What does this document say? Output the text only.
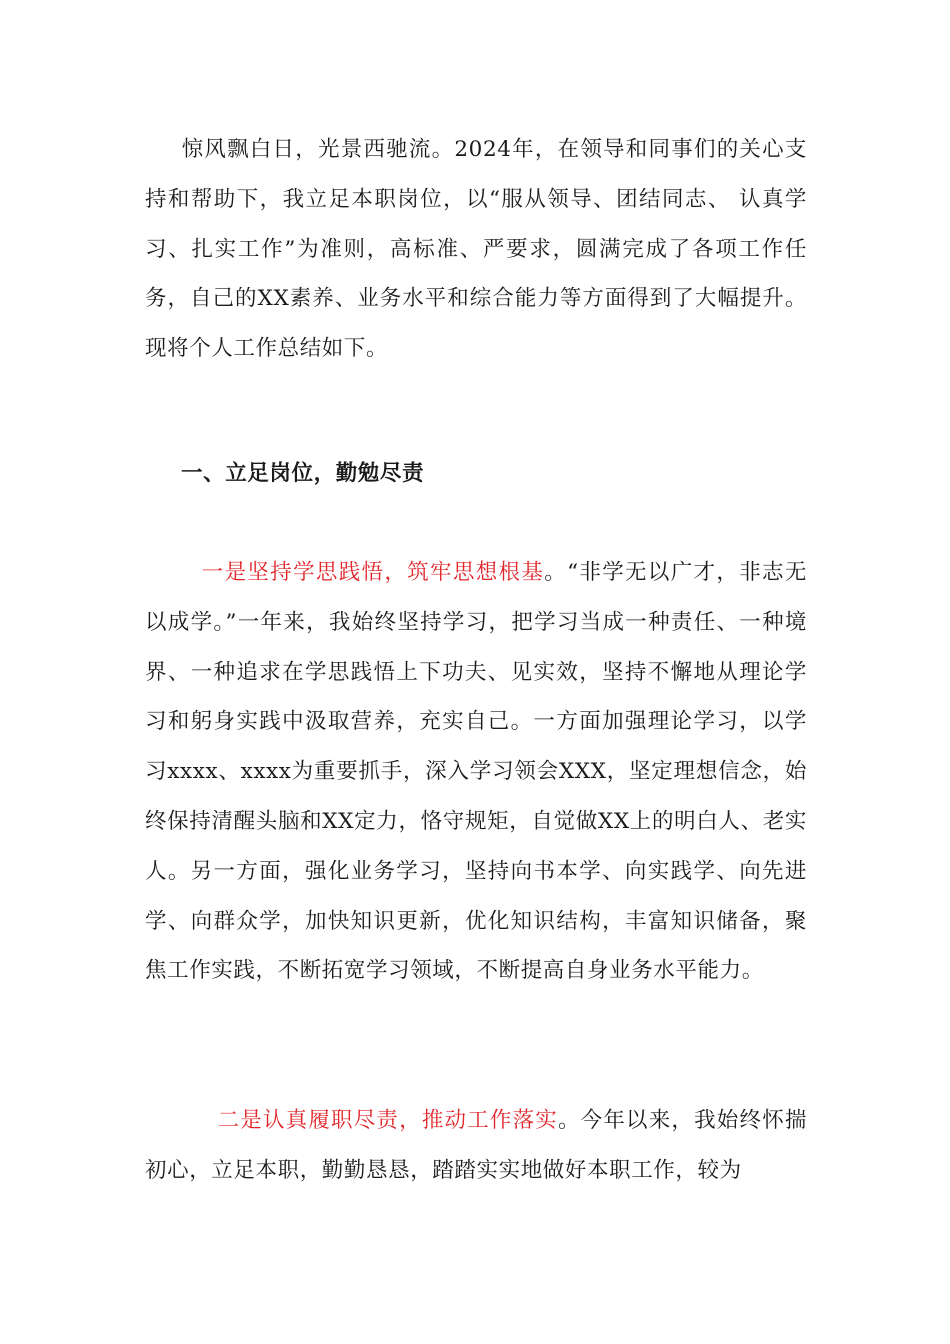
惊风飘白日，光景西驰流。2024年，在领导和同事们的关心支持和帮助下，我立足本职岗位，以“服从领导、团结同志、 认真学习、扎实工作”为准则，高标准、严要求，圆满完成了各项工作任务，自己的XX素养、业务水平和综合能力等方面得到了大幅提升。现将个人工作总结如下。

一、立足岗位，勤勉尽责

一是坚持学思践悟，筑牢思想根基。“非学无以广才，非志无以成学。”一年来，我始终坚持学习，把学习当成一种责任、一种境界、一种追求在学思践悟上下功夫、见实效，坚持不懈地从理论学习和躬身实践中汲取营养，充实自己。一方面加强理论学习，以学习xxxx、xxxx为重要抓手，深入学习领会XXX，坚定理想信念，始终保持清醒头脑和XX定力，恪守规矩，自觉做XX上的明白人、老实人。另一方面，强化业务学习，坚持向书本学、向实践学、向先进学、向群众学，加快知识更新，优化知识结构，丰富知识储备，聚焦工作实践，不断拓宽学习领域，不断提高自身业务水平能力。

二是认真履职尽责，推动工作落实。今年以来，我始终怀揣初心，立足本职，勤勤恳恳，踏踏实实地做好本职工作，较为
